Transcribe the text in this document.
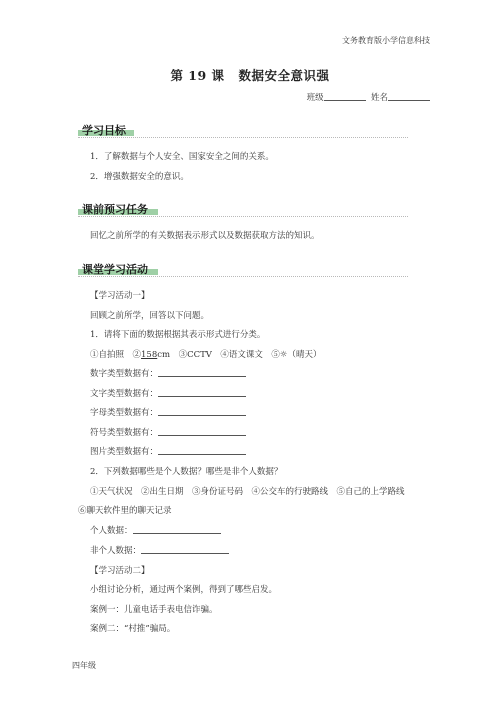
文务教育版小学信息科技
第 19 课 数据安全意识强
班级	姓名
学习目标
1．了解数据与个人安全、国家安全之间的关系。
2．增强数据安全的意识。
课前预习任务
回忆之前所学的有关数据表示形式以及数据获取方法的知识。
课堂学习活动
【学习活动一】
回顾之前所学，回答以下问题。
1．请将下面的数据根据其表示形式进行分类。
①自拍照　②158cm　③CCTV　④语文课文　⑤☼（晴天）
数字类型数据有：
文字类型数据有：
字母类型数据有：
符号类型数据有：
图片类型数据有：
2．下列数据哪些是个人数据？哪些是非个人数据？
①天气状况　②出生日期　③身份证号码　④公交车的行驶路线　⑤自己的上学路线
⑥聊天软件里的聊天记录
个人数据：
非个人数据：
【学习活动二】
小组讨论分析，通过两个案例，得到了哪些启发。
案例一：儿童电话手表电信诈骗。
案例二：“村推”骗局。
四年级
